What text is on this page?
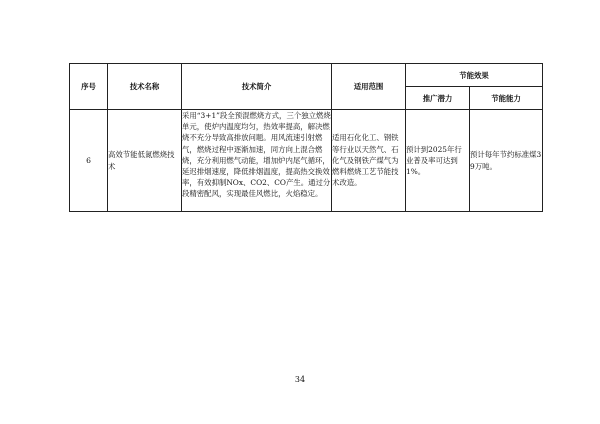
序号	技术名称	技术简介	适用范围	节能效果	
				推广潜力	节能能力
6	高效节能低氮燃烧技术	采用“3+1”段全预混燃烧方式，三个独立燃烧单元，使炉内温度均匀，热效率提高，解决燃烧不充分导致高排放问题。用风流速引射燃气，燃烧过程中逐渐加速，同方向上混合燃烧，充分利用燃气动能，增加炉内尾气循环，延迟排烟速度，降低排烟温度，提高热交换效率，有效抑制NOx、CO2、CO产生。通过分段精密配风，实现最佳风燃比，火焰稳定。	适用石化化工、钢铁等行业以天然气、石化气及钢铁产煤气为燃料燃烧工艺节能技术改造。	预计到2025年行业普及率可达到1%。	预计每年节约标准煤39万吨。
34
